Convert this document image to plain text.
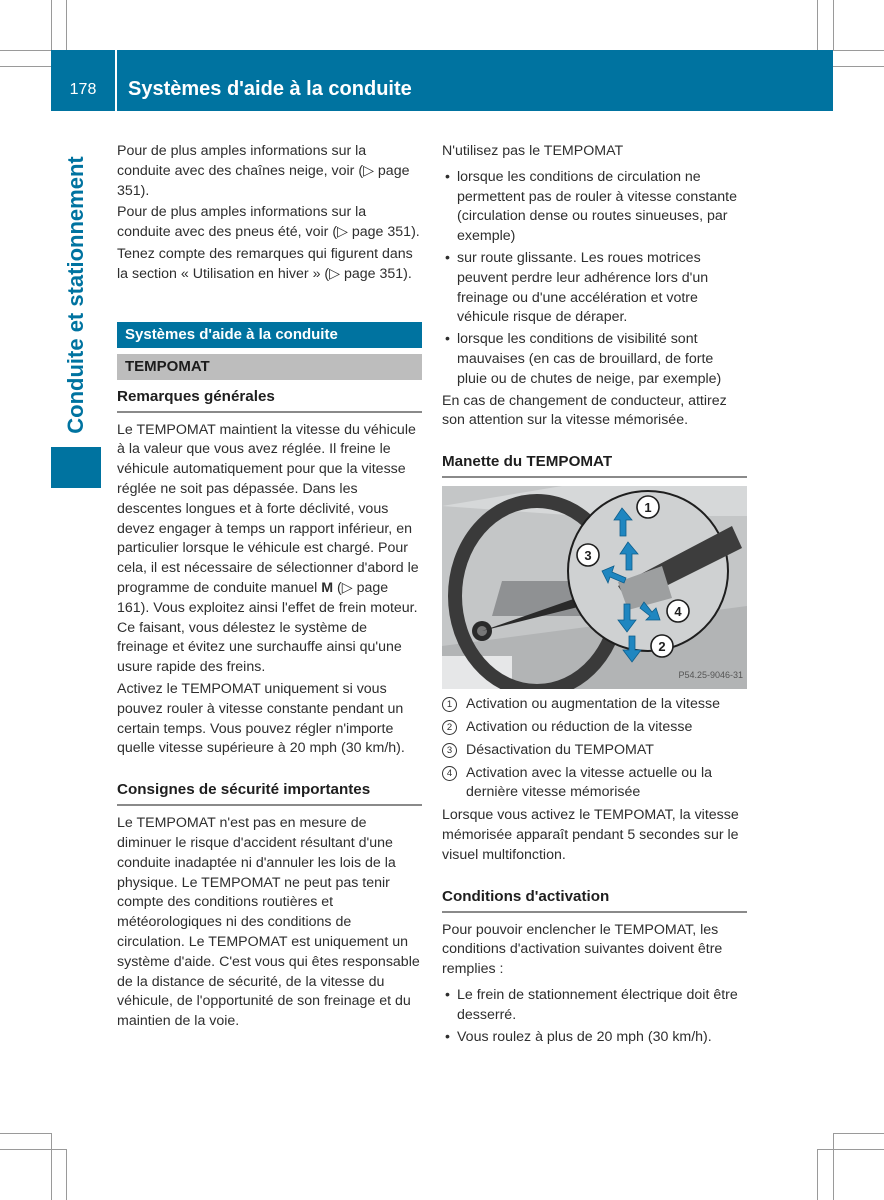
178	Systèmes d'aide à la conduite
Conduite et stationnement

Pour de plus amples informations sur la conduite avec des chaînes neige, voir (▷ page 351).

Pour de plus amples informations sur la conduite avec des pneus été, voir (▷ page 351).

Tenez compte des remarques qui figurent dans la section « Utilisation en hiver » (▷ page 351).

Systèmes d'aide à la conduite
TEMPOMAT
Remarques générales

Le TEMPOMAT maintient la vitesse du véhicule à la valeur que vous avez réglée. Il freine le véhicule automatiquement pour que la vitesse réglée ne soit pas dépassée. Dans les descentes longues et à forte déclivité, vous devez engager à temps un rapport inférieur, en particulier lorsque le véhicule est chargé. Pour cela, il est nécessaire de sélectionner d'abord le programme de conduite manuel M (▷ page 161). Vous exploitez ainsi l'effet de frein moteur. Ce faisant, vous délestez le système de freinage et évitez une surchauffe ainsi qu'une usure rapide des freins.

Activez le TEMPOMAT uniquement si vous pouvez rouler à vitesse constante pendant un certain temps. Vous pouvez régler n'importe quelle vitesse supérieure à 20 mph (30 km/h).

Consignes de sécurité importantes

Le TEMPOMAT n'est pas en mesure de diminuer le risque d'accident résultant d'une conduite inadaptée ni d'annuler les lois de la physique. Le TEMPOMAT ne peut pas tenir compte des conditions routières et météorologiques ni des conditions de circulation. Le TEMPOMAT est uniquement un système d'aide. C'est vous qui êtes responsable de la distance de sécurité, de la vitesse du véhicule, de l'opportunité de son freinage et du maintien de la voie.

N'utilisez pas le TEMPOMAT

• lorsque les conditions de circulation ne permettent pas de rouler à vitesse constante (circulation dense ou routes sinueuses, par exemple)
• sur route glissante. Les roues motrices peuvent perdre leur adhérence lors d'un freinage ou d'une accélération et votre véhicule risque de déraper.
• lorsque les conditions de visibilité sont mauvaises (en cas de brouillard, de forte pluie ou de chutes de neige, par exemple)

En cas de changement de conducteur, attirez son attention sur la vitesse mémorisée.

Manette du TEMPOMAT
1
3
4
2
P54.25-9046-31
1 Activation ou augmentation de la vitesse
2 Activation ou réduction de la vitesse
3 Désactivation du TEMPOMAT
4 Activation avec la vitesse actuelle ou la dernière vitesse mémorisée

Lorsque vous activez le TEMPOMAT, la vitesse mémorisée apparaît pendant 5 secondes sur le visuel multifonction.

Conditions d'activation

Pour pouvoir enclencher le TEMPOMAT, les conditions d'activation suivantes doivent être remplies :

• Le frein de stationnement électrique doit être desserré.
• Vous roulez à plus de 20 mph (30 km/h).
